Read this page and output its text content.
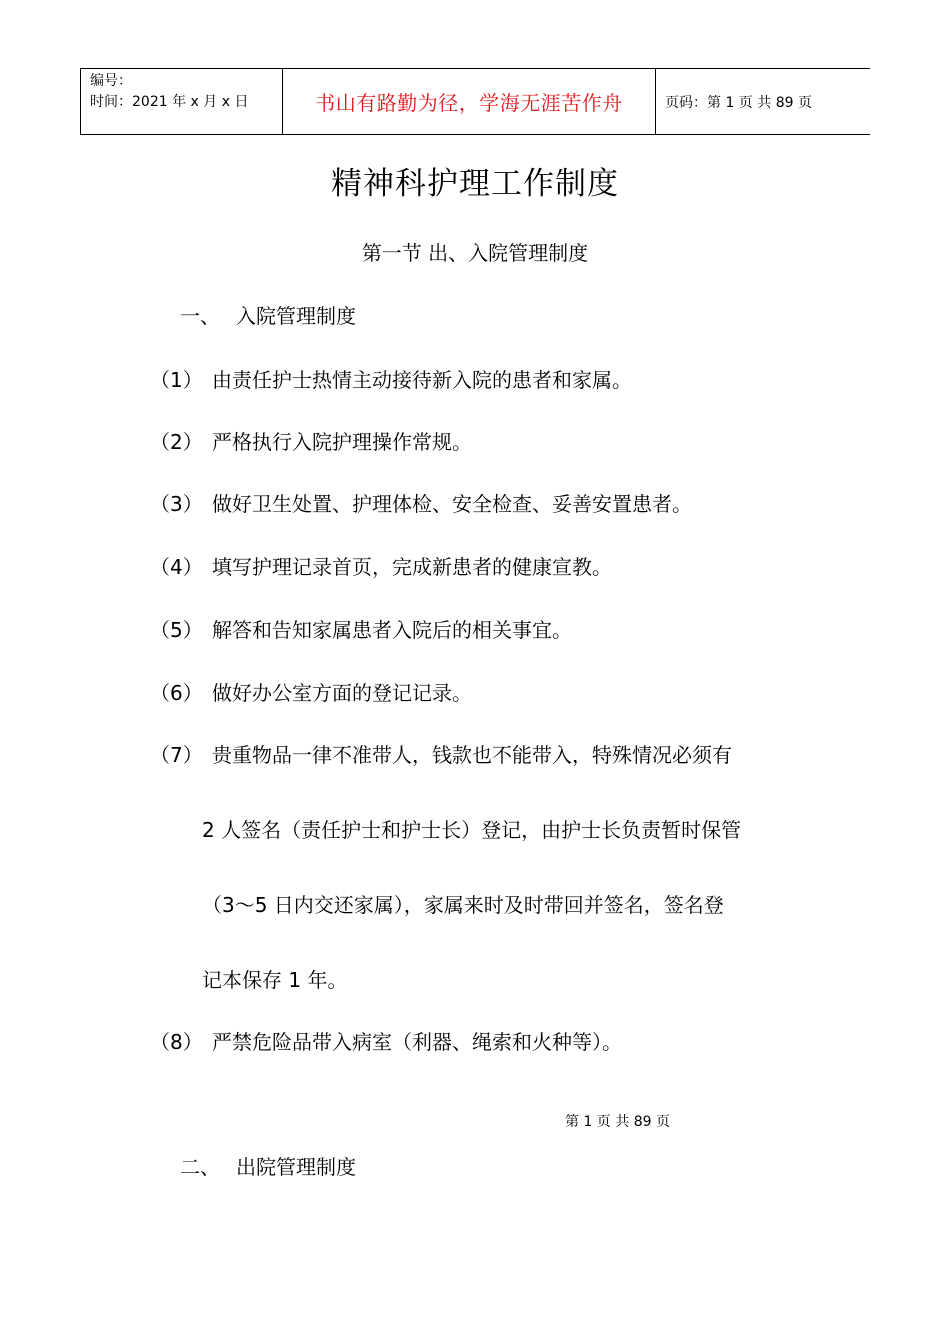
编号：
时间：2021 年 x 月 x 日	书山有路勤为径，学海无涯苦作舟	页码：第 1 页 共 89 页
精神科护理工作制度
第一节 出、入院管理制度
一、 入院管理制度
（1） 由责任护士热情主动接待新入院的患者和家属。
（2） 严格执行入院护理操作常规。
（3） 做好卫生处置、护理体检、安全检查、妥善安置患者。
（4） 填写护理记录首页，完成新患者的健康宣教。
（5） 解答和告知家属患者入院后的相关事宜。
（6） 做好办公室方面的登记记录。
（7） 贵重物品一律不准带人，钱款也不能带入，特殊情况必须有
2 人签名（责任护士和护士长）登记，由护士长负责暂时保管
（3～5 日内交还家属），家属来时及时带回并签名，签名登
记本保存 1 年。
（8） 严禁危险品带入病室（利器、绳索和火种等）。
第 1 页 共 89 页
二、 出院管理制度
